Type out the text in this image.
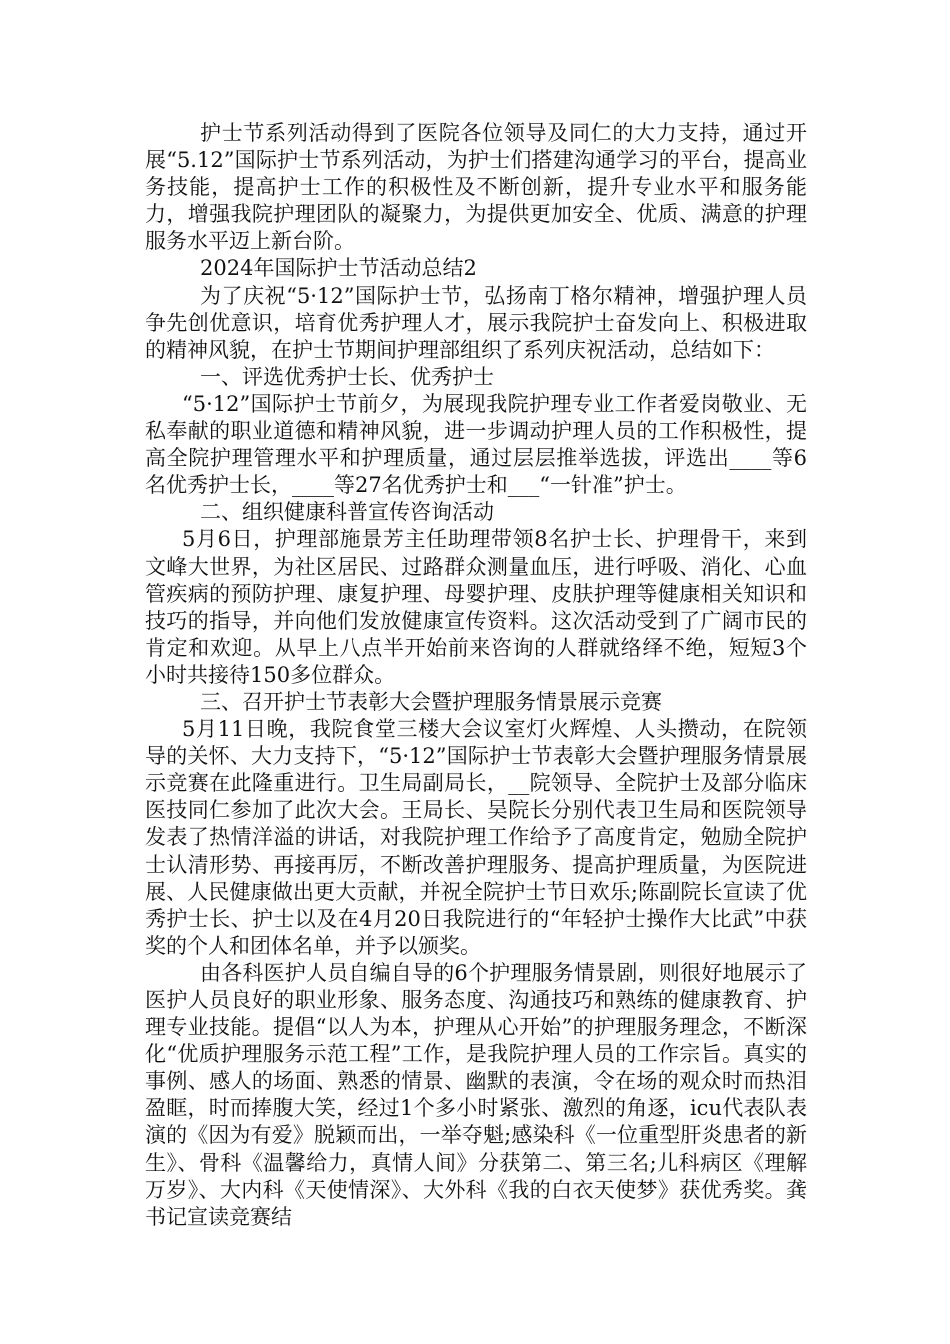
护士节系列活动得到了医院各位领导及同仁的大力支持，通过开展“5.12”国际护士节系列活动，为护士们搭建沟通学习的平台，提高业务技能，提高护士工作的积极性及不断创新，提升专业水平和服务能力，增强我院护理团队的凝聚力，为提供更加安全、优质、满意的护理服务水平迈上新台阶。

2024年国际护士节活动总结2

为了庆祝“5·12”国际护士节，弘扬南丁格尔精神，增强护理人员争先创优意识，培育优秀护理人才，展示我院护士奋发向上、积极进取的精神风貌，在护士节期间护理部组织了系列庆祝活动，总结如下：

一、评选优秀护士长、优秀护士

“5·12”国际护士节前夕，为展现我院护理专业工作者爱岗敬业、无私奉献的职业道德和精神风貌，进一步调动护理人员的工作积极性，提高全院护理管理水平和护理质量，通过层层推举选拔，评选出____等6名优秀护士长，____等27名优秀护士和___“一针准”护士。

二、组织健康科普宣传咨询活动

5月6日，护理部施景芳主任助理带领8名护士长、护理骨干，来到文峰大世界，为社区居民、过路群众测量血压，进行呼吸、消化、心血管疾病的预防护理、康复护理、母婴护理、皮肤护理等健康相关知识和技巧的指导，并向他们发放健康宣传资料。这次活动受到了广阔市民的肯定和欢迎。从早上八点半开始前来咨询的人群就络绎不绝，短短3个小时共接待150多位群众。

三、召开护士节表彰大会暨护理服务情景展示竞赛

5月11日晚，我院食堂三楼大会议室灯火辉煌、人头攒动，在院领导的关怀、大力支持下，“5·12”国际护士节表彰大会暨护理服务情景展示竞赛在此隆重进行。卫生局副局长，__院领导、全院护士及部分临床医技同仁参加了此次大会。王局长、吴院长分别代表卫生局和医院领导发表了热情洋溢的讲话，对我院护理工作给予了高度肯定，勉励全院护士认清形势、再接再厉，不断改善护理服务、提高护理质量，为医院进展、人民健康做出更大贡献，并祝全院护士节日欢乐;陈副院长宣读了优秀护士长、护士以及在4月20日我院进行的“年轻护士操作大比武”中获奖的个人和团体名单，并予以颁奖。

由各科医护人员自编自导的6个护理服务情景剧，则很好地展示了医护人员良好的职业形象、服务态度、沟通技巧和熟练的健康教育、护理专业技能。提倡“以人为本，护理从心开始”的护理服务理念，不断深化“优质护理服务示范工程”工作，是我院护理人员的工作宗旨。真实的事例、感人的场面、熟悉的情景、幽默的表演，令在场的观众时而热泪盈眶，时而捧腹大笑，经过1个多小时紧张、激烈的角逐，icu代表队表演的《因为有爱》脱颖而出，一举夺魁;感染科《一位重型肝炎患者的新生》、骨科《温馨给力，真情人间》分获第二、第三名;儿科病区《理解万岁》、大内科《天使情深》、大外科《我的白衣天使梦》获优秀奖。龚书记宣读竞赛结
